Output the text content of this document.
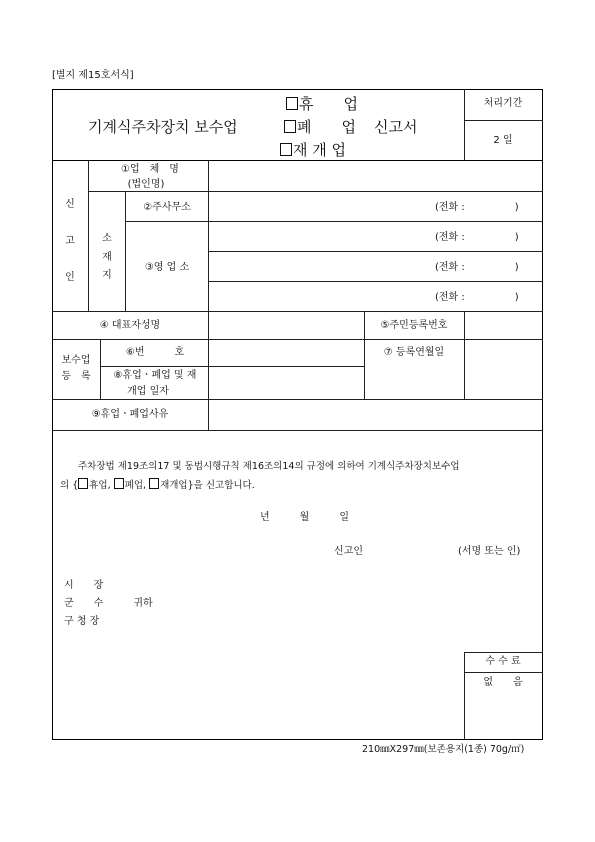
[별지 제15호서식]
휴　　업
기계식주차장치 보수업	폐　　업 신고서
재 개 업
처리기간
2 일
신
고
인
①업　체　명
(법인명)
소
재
지
②주사무소	(전화 :　　　　　)
③영 업 소
(전화 :　　　　　)
(전화 :　　　　　)
(전화 :　　　　　)
④ 대표자성명	⑤주민등록번호
보수업
등　록
⑥번　　　호	⑦ 등록연월일
⑧휴업ㆍ폐업 및 재
개업 일자
⑨휴업ㆍ폐업사유
주차장법 제19조의17 및 동법시행규칙 제16조의14의 규정에 의하여 기계식주차장치보수업
의 { 휴업, 폐업, 재개업}을 신고합니다.
년　　　월　　　일
신고인	(서명 또는 인)
시　　장
군　　수　　　귀하
구 청 장
수 수 료
없　　음
210㎜X297㎜(보존용지(1종) 70g/㎡)
